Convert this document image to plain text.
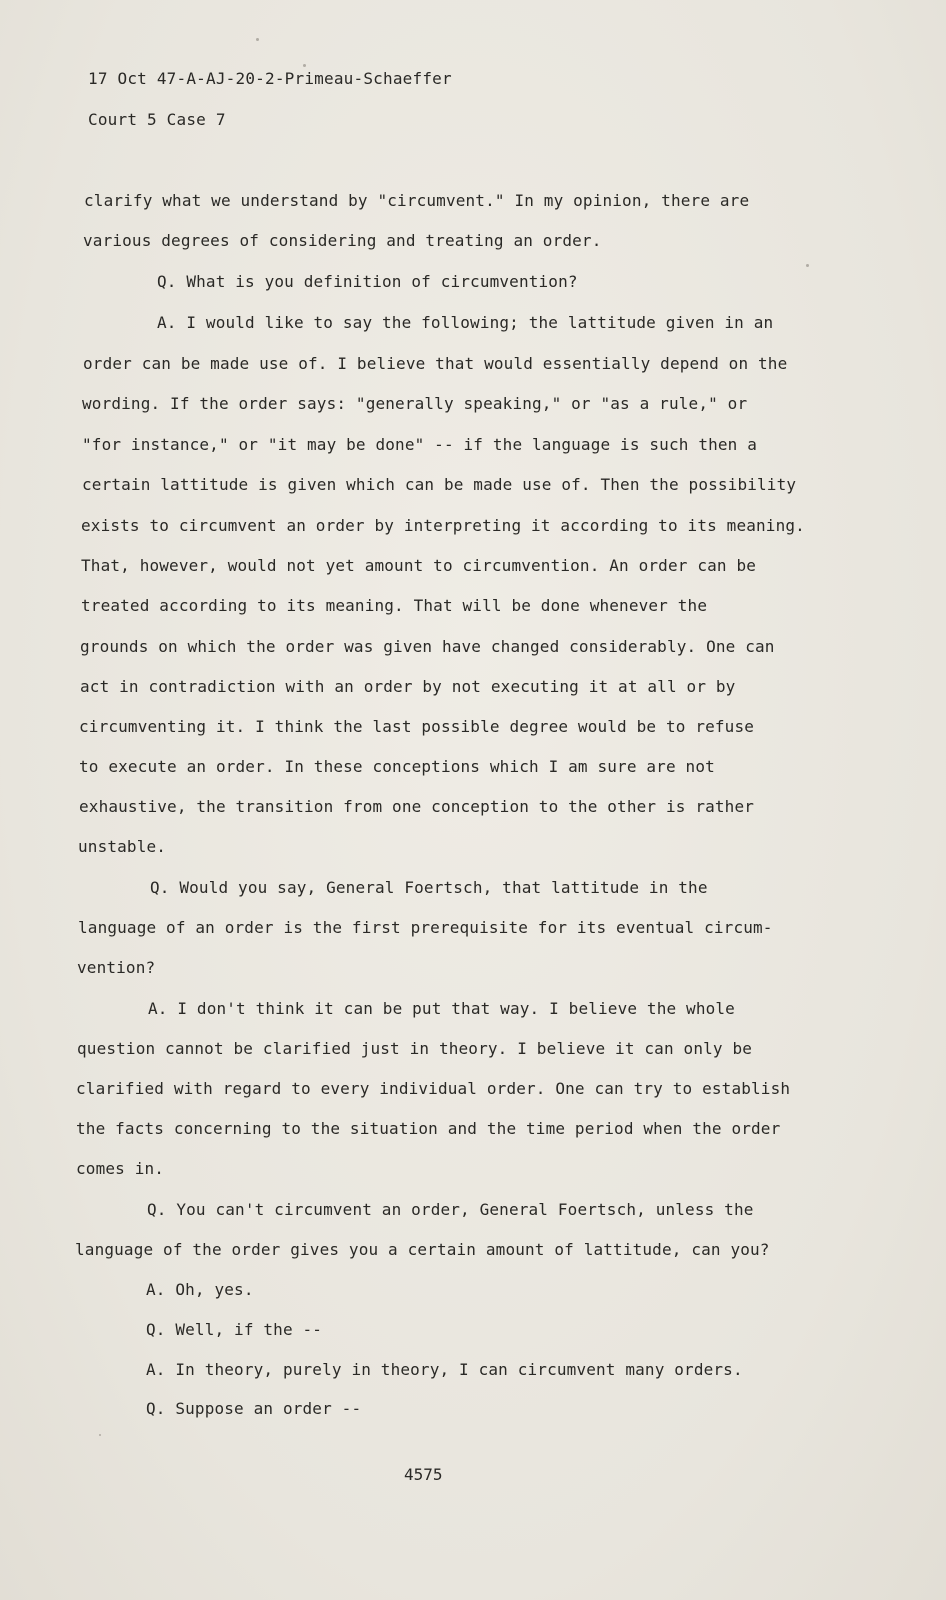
17 Oct 47-A-AJ-20-2-Primeau-Schaeffer
Court 5 Case 7
clarify what we understand by "circumvent." In my opinion, there are
various degrees of considering and treating an order.
Q. What is you definition of circumvention?
A. I would like to say the following; the lattitude given in an
order can be made use of. I believe that would essentially depend on the
wording. If the order says: "generally speaking," or "as a rule," or
"for instance," or "it may be done" -- if the language is such then a
certain lattitude is given which can be made use of. Then the possibility
exists to circumvent an order by interpreting it according to its meaning.
That, however, would not yet amount to circumvention. An order can be
treated according to its meaning. That will be done whenever the
grounds on which the order was given have changed considerably. One can
act in contradiction with an order by not executing it at all or by
circumventing it. I think the last possible degree would be to refuse
to execute an order. In these conceptions which I am sure are not
exhaustive, the transition from one conception to the other is rather
unstable.
Q. Would you say, General Foertsch, that lattitude in the
language of an order is the first prerequisite for its eventual circum-
vention?
A. I don't think it can be put that way. I believe the whole
question cannot be clarified just in theory. I believe it can only be
clarified with regard to every individual order. One can try to establish
the facts concerning to the situation and the time period when the order
comes in.
Q. You can't circumvent an order, General Foertsch, unless the
language of the order gives you a certain amount of lattitude, can you?
A. Oh, yes.
Q. Well, if the --
A. In theory, purely in theory, I can circumvent many orders.
Q. Suppose an order --
4575
